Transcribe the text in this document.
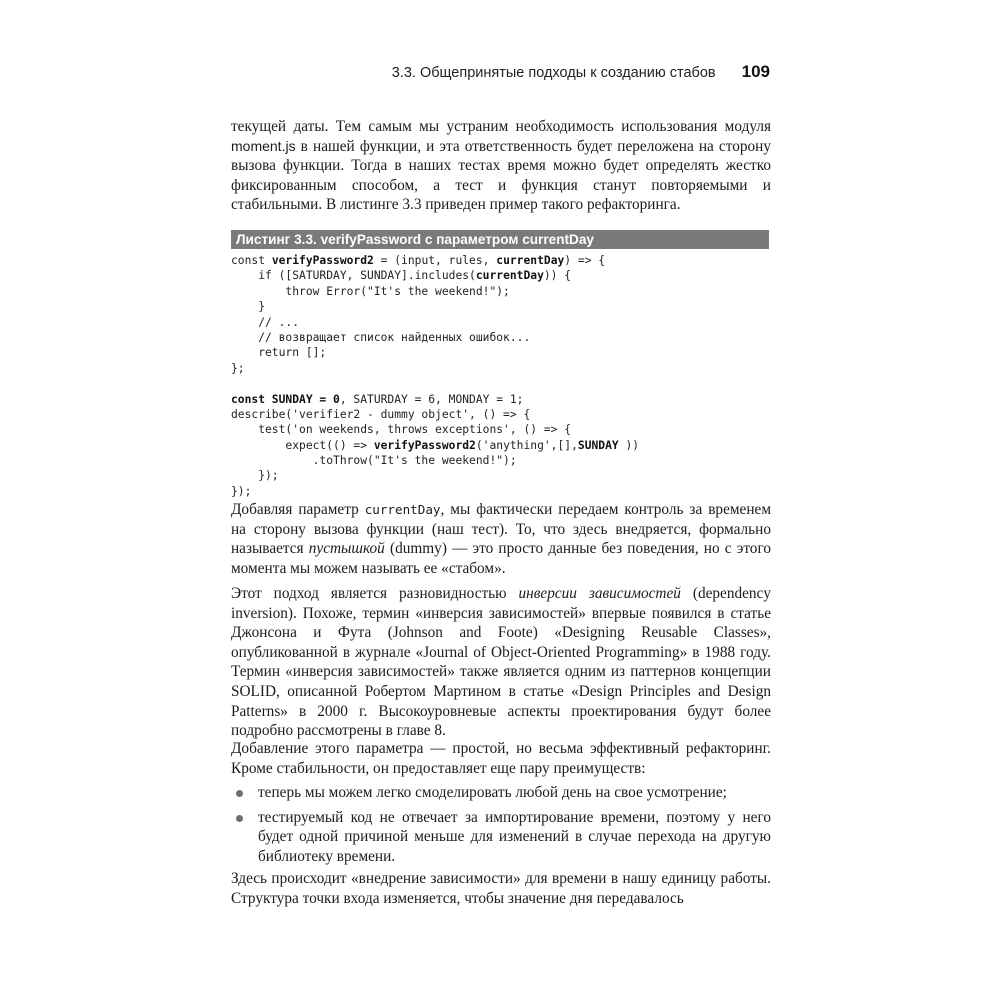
3.3. Общепринятые подходы к созданию стабов 109
текущей даты. Тем самым мы устраним необходимость использования модуля moment.js в нашей функции, и эта ответственность будет переложена на сторону вызова функции. Тогда в наших тестах время можно будет определять жестко фиксированным способом, а тест и функция станут повторяемыми и стабильными. В листинге 3.3 приведен пример такого рефакторинга.
Листинг 3.3. verifyPassword с параметром currentDay
const verifyPassword2 = (input, rules, currentDay) => {
if ([SATURDAY, SUNDAY].includes(currentDay)) {
throw Error("It's the weekend!");
}
// ...
// возвращает список найденных ошибок...
return [];
};
const SUNDAY = 0, SATURDAY = 6, MONDAY = 1;
describe('verifier2 - dummy object', () => {
test('on weekends, throws exceptions', () => {
expect(() => verifyPassword2('anything',[],SUNDAY ))
.toThrow("It's the weekend!");
});
});
Добавляя параметр currentDay, мы фактически передаем контроль за временем на сторону вызова функции (наш тест). То, что здесь внедряется, формально называется пустышкой (dummy) — это просто данные без поведения, но с этого момента мы можем называть ее «стабом».
Этот подход является разновидностью инверсии зависимостей (dependency inversion). Похоже, термин «инверсия зависимостей» впервые появился в статье Джонсона и Фута (Johnson and Foote) «Designing Reusable Classes», опубликованной в журнале «Journal of Object-Oriented Programming» в 1988 году. Термин «инверсия зависимостей» также является одним из паттернов концепции SOLID, описанной Робертом Мартином в статье «Design Principles and Design Patterns» в 2000 г. Высокоуровневые аспекты проектирования будут более подробно рассмотрены в главе 8.
Добавление этого параметра — простой, но весьма эффективный рефакторинг. Кроме стабильности, он предоставляет еще пару преимуществ:
теперь мы можем легко смоделировать любой день на свое усмотрение;
тестируемый код не отвечает за импортирование времени, поэтому у него будет одной причиной меньше для изменений в случае перехода на другую библиотеку времени.
Здесь происходит «внедрение зависимости» для времени в нашу единицу работы. Структура точки входа изменяется, чтобы значение дня передавалось
